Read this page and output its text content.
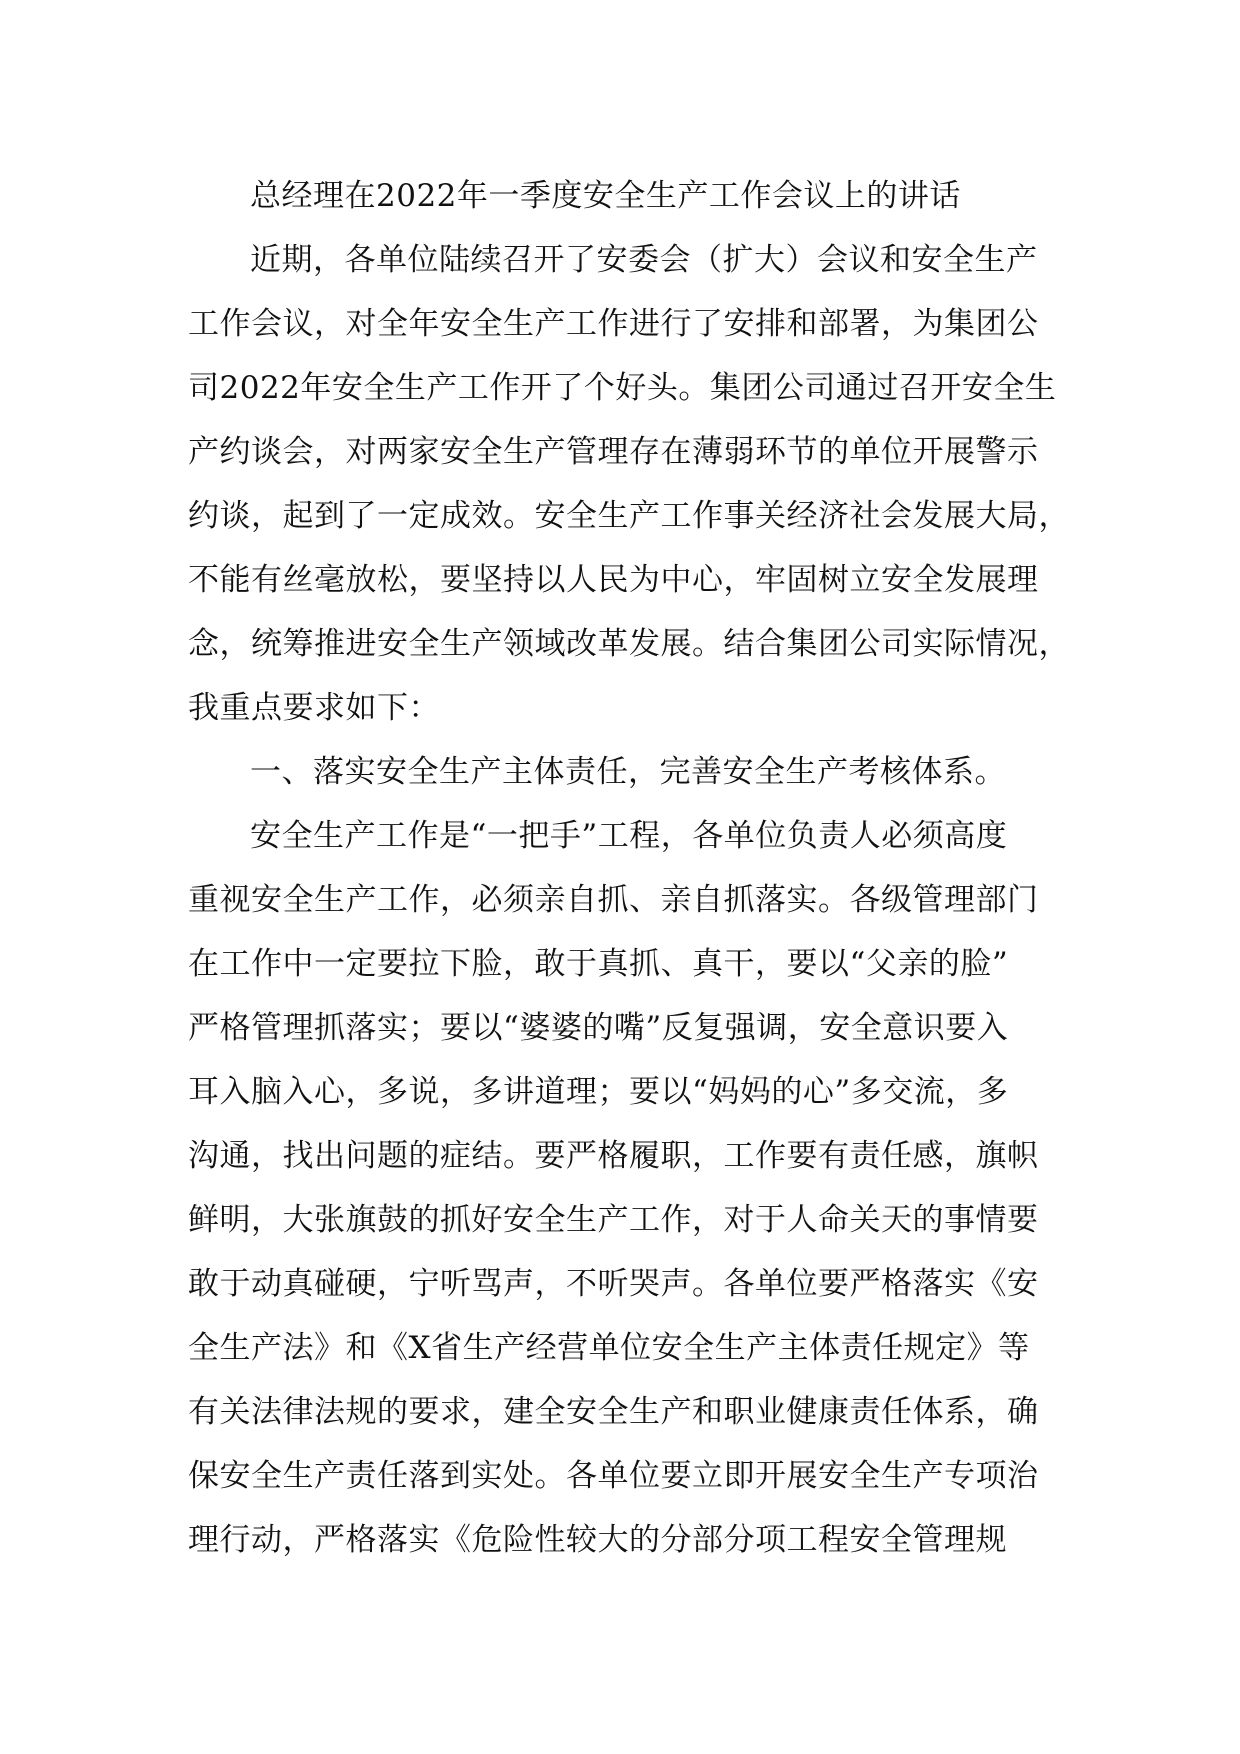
总经理在2022年一季度安全生产工作会议上的讲话
近期，各单位陆续召开了安委会（扩大）会议和安全生产
工作会议，对全年安全生产工作进行了安排和部署，为集团公
司2022年安全生产工作开了个好头。集团公司通过召开安全生
产约谈会，对两家安全生产管理存在薄弱环节的单位开展警示
约谈，起到了一定成效。安全生产工作事关经济社会发展大局，
不能有丝毫放松，要坚持以人民为中心，牢固树立安全发展理
念，统筹推进安全生产领域改革发展。结合集团公司实际情况，
我重点要求如下：
一、落实安全生产主体责任，完善安全生产考核体系。
安全生产工作是“一把手”工程，各单位负责人必须高度
重视安全生产工作，必须亲自抓、亲自抓落实。各级管理部门
在工作中一定要拉下脸，敢于真抓、真干，要以“父亲的脸”
严格管理抓落实；要以“婆婆的嘴”反复强调，安全意识要入
耳入脑入心，多说，多讲道理；要以“妈妈的心”多交流，多
沟通，找出问题的症结。要严格履职，工作要有责任感，旗帜
鲜明，大张旗鼓的抓好安全生产工作，对于人命关天的事情要
敢于动真碰硬，宁听骂声，不听哭声。各单位要严格落实《安
全生产法》和《X省生产经营单位安全生产主体责任规定》等
有关法律法规的要求，建全安全生产和职业健康责任体系，确
保安全生产责任落到实处。各单位要立即开展安全生产专项治
理行动，严格落实《危险性较大的分部分项工程安全管理规
